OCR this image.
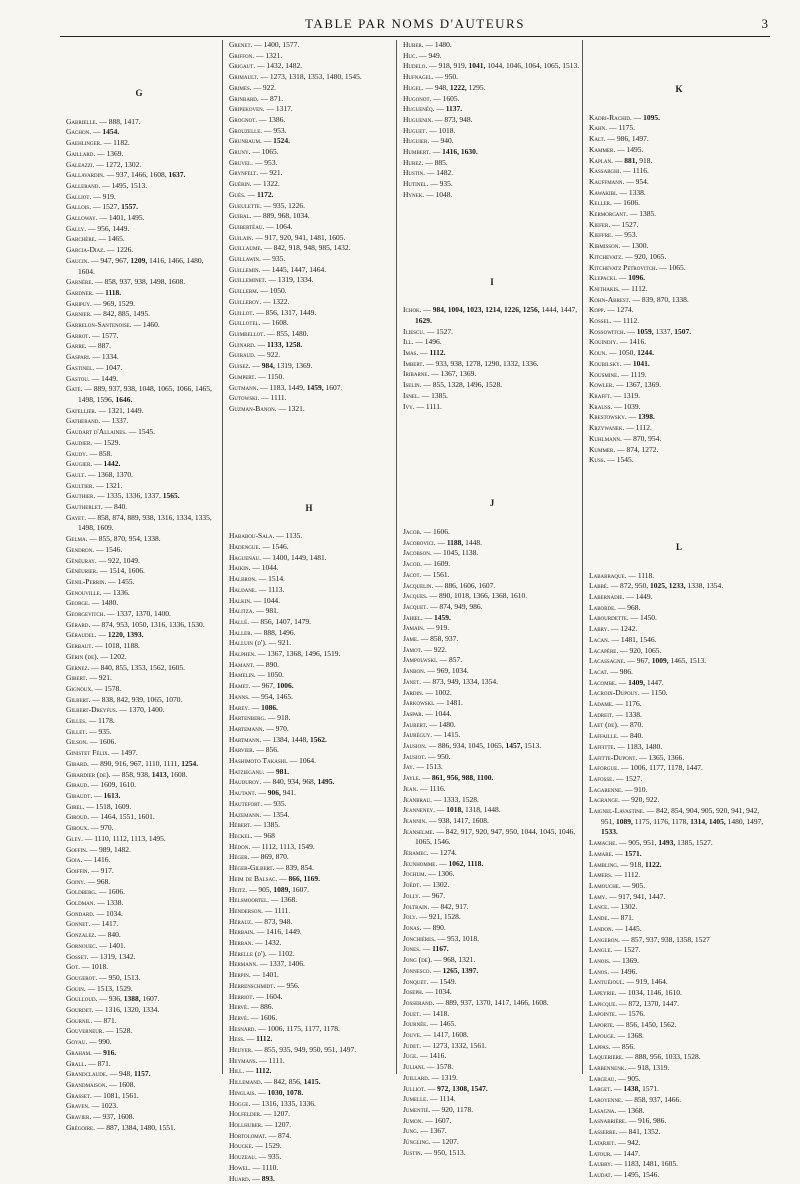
TABLE PAR NOMS D'AUTEURS	3
G
Gabrielle. — 888, 1417.
Gachon. — 1454.
Gaehlinger. — 1182.
Gaillard. — 1369.
Galeazzi. — 1272, 1302.
Gallavardin. — 937, 1466, 1608, 1637.
Gallerand. — 1495, 1513.
Galliot. — 919.
Gallois. — 1527, 1557.
Galloway. — 1401, 1495.
Gally. — 956, 1449.
Garchère. — 1465.
Garcia-Diaz. — 1226.
Gaucin. — 947, 967, 1209, 1416, 1466, 1480, 1604.
Garnère. — 858, 937, 938, 1498, 1608.
Gardner. — 1118.
Garipuy. — 969, 1529.
Garnier. — 842, 885, 1495.
Garrelon-Santenoise. — 1460.
Garrot. — 1577.
Garre. — 887.
Gaspari. — 1334.
Gastinel. — 1047.
Gastou. — 1449.
Gaté. — 889, 937, 938, 1048, 1065, 1066, 1465, 1498, 1596, 1646.
Gatellier. — 1321, 1449.
Gatherand. — 1337.
Gaudart d'Allaines. — 1545.
Gaudier. — 1529.
Gaudy. — 858.
Gaugier. — 1442.
Gault. — 1368, 1370.
Gaultier. — 1321.
Gauthier. — 1335, 1336, 1337, 1565.
Gautherlet. — 840.
Gayet. — 858, 874, 889, 938, 1316, 1334, 1335, 1498, 1609.
Gelma. — 855, 870, 954, 1338.
Gendron. — 1546.
Généuray. — 922, 1049.
Généurier. — 1514, 1606.
Genil-Perrin. — 1455.
Genouville. — 1336.
George. — 1480.
Georgevitch. — 1337, 1370, 1400.
Gérard. — 874, 953, 1050, 1316, 1336, 1530.
Géraudel. — 1220, 1393.
Gerbaut. — 1018, 1188.
Gérin (de). — 1202.
Gernez. — 840, 855, 1353, 1562, 1605.
Gibert. — 921.
Gignoux. — 1578.
Gilbert. — 838, 842, 939, 1065, 1070.
Gilbert-Dreyfus. — 1370, 1400.
Gilles. — 1178.
Gillet. — 935.
Gilson. — 1606.
Ginistet Félix. — 1497.
Girard. — 890, 916, 967, 1110, 1111, 1254.
Girardier (de). — 858, 938, 1413, 1608.
Giraud. — 1609, 1610.
Giraudt. — 1613.
Girel. — 1518, 1609.
Giroud. — 1464, 1551, 1601.
Giroux. — 970.
Gley. — 1110, 1112, 1113, 1495.
Goffin. — 989, 1482.
Goia. — 1416.
Goiffin. — 917.
Goiny. — 968.
Goldberg. — 1606.
Goldman. — 1338.
Gondard. — 1034.
Gonnet. — 1417.
Gonzalez. — 840.
Gornouec. — 1401.
Gosset. — 1319, 1342.
Got. — 1018.
Gougerot. — 950, 1513.
Gouin. — 1513, 1529.
Goulloud. — 936, 1388, 1607.
Gourdet. — 1316, 1320, 1334.
Gournil. — 871.
Gouverneur. — 1528.
Goyau. — 990.
Graham. — 916.
Grall. — 871.
Grandclaude. — 948, 1157.
Grandmaison. — 1608.
Grasset. — 1081, 1561.
Graven. — 1023.
Gravier. — 937, 1608.
Grégoire. — 887, 1384, 1480, 1551.
Grenet. — 1400, 1577.
Griffon. — 1321.
Grigaut. — 1432, 1482.
Grimault. — 1273, 1318, 1353, 1480, 1545.
Grimes. — 922.
Grinbard. — 871.
Gripekoven. — 1317.
Grognot. — 1386.
Grouzelle. — 953.
Grunbaum. — 1524.
Gruny. — 1065.
Gruvel. — 953.
Grynfelt. — 921.
Guérin. — 1322.
Guès. — 1172.
Gueulette. — 935, 1226.
Guibal. — 889, 968, 1034.
Guibertéau. — 1064.
Guilain. — 917, 920, 941, 1481, 1605.
Guillaume. — 842, 918, 948, 985, 1432.
Guillawin. — 935.
Guillemin. — 1445, 1447, 1464.
Guilleminet. — 1319, 1334.
Guillerm. — 1050.
Guilleroy. — 1322.
Guillot. — 856, 1317, 1449.
Guillotel. — 1608.
Guimbellot. — 855, 1480.
Guinard. — 1133, 1258.
Guiraud. — 922.
Guisez. — 984, 1319, 1369.
Gumpert. — 1150.
Gutmann. — 1183, 1449, 1459, 1607.
Gutowski. — 1111.
Guzman-Banon. — 1321.
H
Hababou-Sala. — 1135.
Hadengue. — 1546.
Haguenau. — 1400, 1449, 1481.
Haikin. — 1044.
Halbron. — 1514.
Haldane. — 1113.
Halkin. — 1044.
Halitza. — 981.
Hallé. — 856, 1407, 1479.
Haller. — 888, 1496.
Halluin (d'). — 921.
Halphen. — 1367, 1368, 1496, 1519.
Hamant. — 890.
Hamelin. — 1050.
Hamet. — 967, 1006.
Hanns. — 954, 1465.
Harey. — 1086.
Hartenberg. — 918.
Hartemann. — 970.
Hartmann. — 1384, 1448, 1562.
Harvier. — 856.
Hashimoto Takashi. — 1064.
Hatzieganu. — 981.
Hauduroy. — 840, 934, 968, 1495.
Hautant. — 906, 941.
Hautefort. — 935.
Hazemann. — 1354.
Hébert. — 1385.
Heckel. — 968
Hédon. — 1112, 1113, 1549.
Héger. — 869, 870.
Héger-Gilbert. — 839, 854.
Heim de Balsac. — 866, 1169.
Heitz. — 905, 1089, 1607.
Helsmoortel. — 1368.
Henderson. — 1111.
Hérauz. — 873, 948.
Herbain. — 1416, 1449.
Herban. — 1432.
Hérelle (d'). — 1102.
Hermann. — 1337, 1406.
Herpin. — 1401.
Herrenschmidt. — 956.
Herriot. — 1604.
Hervé. — 886.
Hervé. — 1606.
Hesnard. — 1006, 1175, 1177, 1178.
Hess. — 1112.
Heuyer. — 855, 935, 949, 950, 951, 1497.
Heymans. — 1111.
Hill. — 1112.
Hillemand. — 842, 856, 1415.
Hinglais. — 1030, 1078.
Hogge. — 1316, 1335, 1336.
Holfelder. — 1207.
Hollhuber. — 1207.
Hortolomat. — 874.
Houcke. — 1529.
Houzeau. — 935.
Howel. — 1110.
Huard. — 893.
Huber. — 1480.
Huc. — 949.
Hudelo. — 918, 919, 1041, 1044, 1046, 1064, 1065, 1513.
Hufnagel. — 950.
Hugel. — 948, 1222, 1295.
Hugonot. — 1605.
Huguenéq. — 1137.
Huguenin. — 873, 948.
Huguet. — 1018.
Huguier. — 940.
Humbert. — 1416, 1630.
Hurez. — 885.
Hustin. — 1482.
Hutinel. — 935.
Hynek. — 1048.
I
Ichok. — 984, 1004, 1023, 1214, 1226, 1256, 1444, 1447, 1629.
Iliescu. — 1527.
Ill. — 1496.
Imas. — 1112.
Imbert. — 933, 938, 1278, 1290, 1332, 1336.
Iribarne. — 1367, 1369.
Iselin. — 855, 1328, 1496, 1528.
Isnel. — 1385.
Ivy. — 1111.
J
Jacob. — 1606.
Jacobovici. — 1188, 1448.
Jacobson. — 1045, 1138.
Jacod. — 1609.
Jacot. — 1561.
Jacquelin. — 886, 1606, 1607.
Jacques. — 890, 1018, 1366, 1368, 1610.
Jacquet. — 874, 949, 986.
Jahiel. — 1459.
Jamain. — 919.
Jame. — 858, 937.
Jamot. — 922.
Jampolwski. — 857.
Janbon. — 969, 1034.
Janet. — 873, 949, 1334, 1354.
Jardin. — 1002.
Jarkowski. — 1481.
Jaspar. — 1044.
Jaubert. — 1480.
Jauréguy. — 1415.
Jausion. — 886, 934, 1045, 1065, 1457, 1513.
Jausiot. — 950.
Jay. — 1513.
Jayle. — 861, 956, 988, 1100.
Jean. — 1116.
Jeanbrau. — 1333, 1528.
Jeanneney. — 1018, 1318, 1448.
Jeannin. — 938, 1417, 1608.
Jeanselme. — 842, 917, 920, 947, 950, 1044, 1045, 1046, 1065, 1546.
Jéramec. — 1274.
Jeunhomme. — 1062, 1118.
Jochum. — 1306.
Joëdt. — 1302.
Jolly. — 967.
Joltrain. — 842, 917.
Joly. — 921, 1528.
Jonas. — 890.
Jonchières. — 953, 1018.
Jones. — 1167.
Jong (de). — 968, 1321.
Jonnesco. — 1265, 1397.
Jonquet. — 1549.
Joseph. — 1034.
Josserand. — 889, 937, 1370, 1417, 1466, 1608.
Jouet. — 1418.
Journée. — 1465.
Jouve. — 1417, 1608.
Judet. — 1273, 1332, 1561.
Juge. — 1416.
Juliani. — 1578.
Juillard. — 1319.
Julliot. — 972, 1308, 1547.
Jumelle. — 1114.
Jumentié. — 920, 1178.
Jumon. — 1607.
Jung. — 1367.
Jüngling. — 1207.
Justin. — 950, 1513.
K
Kadri-Rachid. — 1095.
Kahn. — 1175.
Kalt. — 986, 1497.
Kammer. — 1495.
Kaplan. — 881, 918.
Kassabghi. — 1116.
Kauffmann. — 954.
Kawakibi. — 1338.
Keller. — 1606.
Kermorgant. — 1385.
Kiefer. — 1527.
Kieffre. — 953.
Kirmisson. — 1300.
Kitchevatz. — 920, 1065.
Kitchevatz Petrovitch. — 1065.
Klepacki. — 1096.
Knithakis. — 1112.
Kohn-Abrest. — 839, 870, 1338.
Kopp. — 1274.
Kossel. — 1112.
Kossowitch. — 1059, 1337, 1507.
Kouindjy. — 1416.
Koun. — 1050, 1244.
Koubilsky. — 1041.
Kousmine. — 1119.
Kowler. — 1367, 1369.
Krafft. — 1319.
Krauss. — 1039.
Krestowsky. — 1398.
Krzywanek. — 1112.
Kuhlmann. — 870, 954.
Kummer. — 874, 1272.
Kuss. — 1545.
L
Labarraque. — 1118.
Labbé. — 872, 950, 1025, 1233, 1338, 1354.
Labernadie. — 1449.
Laborde. — 968.
Labourdette. — 1450.
Labry. — 1242.
Lacan. — 1481, 1546.
Lacapère. — 920, 1065.
Lacassagne. — 967, 1009, 1465, 1513.
Lacat. — 986.
Lacombe. — 1409, 1447.
Lacroix-Dupouy. — 1150.
Ladame. — 1176.
Ladreit. — 1338.
Laet (de). — 870.
Laffaille. — 840.
Laffitte. — 1183, 1480.
Lafitte-Dupont. — 1365, 1366.
Laforgue. — 1006, 1177, 1178, 1447.
Lafosse. — 1527.
Lagarenne. — 910.
Lagrange. — 920, 922.
Laignel-Lavastine. — 842, 854, 904, 905, 920, 941, 942, 951, 1089, 1175, 1176, 1178, 1314, 1405, 1480, 1497, 1533.
Lamache. — 905, 951, 1493, 1385, 1527.
Lamare. — 1571.
Lambling. — 918, 1122.
Lamers. — 1112.
Lamouche. — 905.
Lamy. — 917, 941, 1447.
Lance. — 1302.
Lande. — 871.
Landon. — 1445.
Langeron. — 857, 937, 938, 1358, 1527
Langle. — 1527.
Lanois. — 1369.
Lanos. — 1496.
Lantuéjoul. — 919, 1464.
Lapeyrie. — 1034, 1146, 1610.
Lapicque. — 872, 1370, 1447.
Lapointe. — 1576.
Laporte. — 856, 1450, 1562.
Lapouge. — 1368.
Lappas. — 856.
Laqueriere. — 888, 956, 1033, 1528.
Larbennenk. — 918, 1319.
Largeau. — 905.
Larget. — 1438, 1571.
Laroyenne. — 858, 937, 1466.
Lasagna. — 1368.
Lasnabrière. — 916, 986.
Lasserre. — 841, 1352.
Latarjet. — 942.
Latour. — 1447.
Laubry. — 1183, 1481, 1605.
Laudat. — 1495, 1546.
